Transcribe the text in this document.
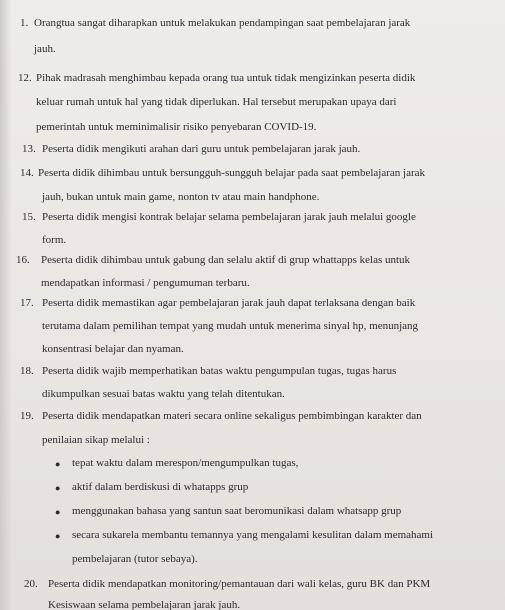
1. Orangtua sangat diharapkan untuk melakukan pendampingan saat pembelajaran jarak
jauh.
12. Pihak madrasah menghimbau kepada orang tua untuk tidak mengizinkan peserta didik
keluar rumah untuk hal yang tidak diperlukan. Hal tersebut merupakan upaya dari
pemerintah untuk meminimalisir risiko penyebaran COVID-19.
13. Peserta didik mengikuti arahan dari guru untuk pembelajaran jarak jauh.
14. Peserta didik dihimbau untuk bersungguh-sungguh belajar pada saat pembelajaran jarak
jauh, bukan untuk main game, nonton tv atau main handphone.
15. Peserta didik mengisi kontrak belajar selama pembelajaran jarak jauh melalui google
form.
16. Peserta didik dihimbau untuk gabung dan selalu aktif di grup whattapps kelas untuk
mendapatkan informasi / pengumuman terbaru.
17. Peserta didik memastikan agar pembelajaran jarak jauh dapat terlaksana dengan baik
terutama dalam pemilihan tempat yang mudah untuk menerima sinyal hp, menunjang
konsentrasi belajar dan nyaman.
18. Peserta didik wajib memperhatikan batas waktu pengumpulan tugas, tugas harus
dikumpulkan sesuai batas waktu yang telah ditentukan.
19. Peserta didik mendapatkan materi secara online sekaligus pembimbingan karakter dan
penilaian sikap melalui :
● tepat waktu dalam merespon/mengumpulkan tugas,
● aktif dalam berdiskusi di whatapps grup
● menggunakan bahasa yang santun saat beromunikasi dalam whatsapp grup
● secara sukarela membantu temannya yang mengalami kesulitan dalam memahami
pembelajaran (tutor sebaya).
20. Peserta didik mendapatkan monitoring/pemantauan dari wali kelas, guru BK dan PKM
Kesiswaan selama pembelajaran jarak jauh.
